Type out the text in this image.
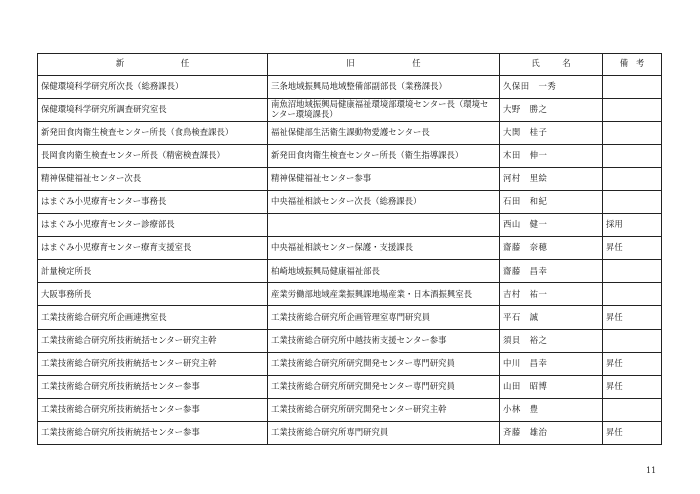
新 任	旧 任	氏 名	備 考

保健環境科学研究所次長（総務課長）	三条地域振興局地域整備部副部長（業務課長）	久保田　一秀	
保健環境科学研究所調査研究室長	南魚沼地域振興局健康福祉環境部環境センター長（環境センター環境課長）	大野　勝之	
新発田食肉衛生検査センター所長（食鳥検査課長）	福祉保健部生活衛生課動物愛護センター長	大関　桂子	
長岡食肉衛生検査センター所長（精密検査課長）	新発田食肉衛生検査センター所長（衛生指導課長）	木田　伸一	
精神保健福祉センター次長	精神保健福祉センター参事	河村　里絵	
はまぐみ小児療育センター事務長	中央福祉相談センター次長（総務課長）	石田　和紀	
はまぐみ小児療育センター診療部長		西山　健一	採用
はまぐみ小児療育センター療育支援室長	中央福祉相談センター保護・支援課長	齋藤　奈穂	昇任
計量検定所長	柏崎地域振興局健康福祉部長	齋藤　昌幸	
大阪事務所長	産業労働部地域産業振興課地場産業・日本酒振興室長	吉村　祐一	
工業技術総合研究所企画連携室長	工業技術総合研究所企画管理室専門研究員	平石　誠	昇任
工業技術総合研究所技術統括センター研究主幹	工業技術総合研究所中越技術支援センター参事	須貝　裕之	
工業技術総合研究所技術統括センター研究主幹	工業技術総合研究所研究開発センター専門研究員	中川　昌幸	昇任
工業技術総合研究所技術統括センター参事	工業技術総合研究所研究開発センター専門研究員	山田　昭博	昇任
工業技術総合研究所技術統括センター参事	工業技術総合研究所研究開発センター研究主幹	小林　豊	
工業技術総合研究所技術統括センター参事	工業技術総合研究所専門研究員	斉藤　雄治	昇任
11
